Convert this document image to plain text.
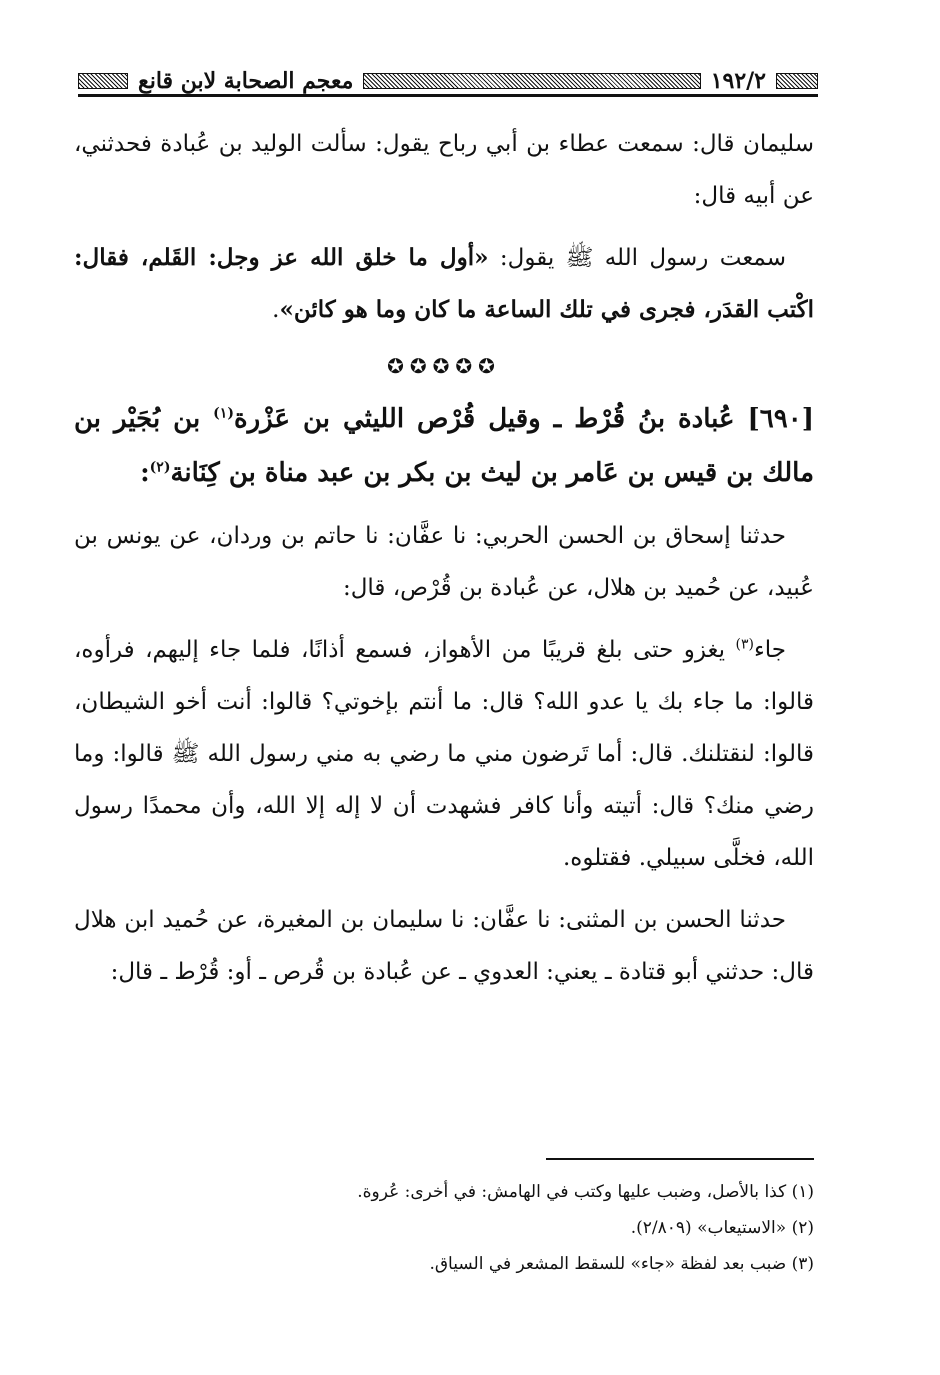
١٩٢/٢
معجم الصحابة لابن قانع

سليمان قال: سمعت عطاء بن أبي رباح يقول: سألت الوليد بن عُبادة فحدثني، عن أبيه قال:

سمعت رسول الله ﷺ يقول: «أول ما خلق الله عز وجل: القَلم، فقال: اكْتب القدَر، فجرى في تلك الساعة ما كان وما هو كائن».

✪✪✪✪✪

[٦٩٠] عُبادة بنُ قُرْط ـ وقيل قُرْص الليثي بن عَزْرة$^{(١)}$ بن بُجَيْر بن مالك بن قيس بن عَامر بن ليث بن بكر بن عبد مناة بن كِنَانة$^{(٢)}$:

حدثنا إسحاق بن الحسن الحربي: نا عفَّان: نا حاتم بن وردان، عن يونس بن عُبيد، عن حُميد بن هلال، عن عُبادة بن قُرْص، قال:

جاء$^{(٣)}$ يغزو حتى بلغ قريبًا من الأهواز، فسمع أذانًا، فلما جاء إليهم، فرأوه، قالوا: ما جاء بك يا عدو الله؟ قال: ما أنتم بإخوتي؟ قالوا: أنت أخو الشيطان، قالوا: لنقتلنك. قال: أما تَرضون مني ما رضي به مني رسول الله ﷺ قالوا: وما رضي منك؟ قال: أتيته وأنا كافر فشهدت أن لا إله إلا الله، وأن محمدًا رسول الله، فخلَّى سبيلي. فقتلوه.

حدثنا الحسن بن المثنى: نا عفَّان: نا سليمان بن المغيرة، عن حُميد ابن هلال قال: حدثني أبو قتادة ـ يعني: العدوي ـ عن عُبادة بن قُرص ـ أو: قُرْط ـ قال:

(١) كذا بالأصل، وضبب عليها وكتب في الهامش: في أخرى: عُروة.
(٢) «الاستيعاب» (٢/٨٠٩).
(٣) ضبب بعد لفظة «جاء» للسقط المشعر في السياق.
